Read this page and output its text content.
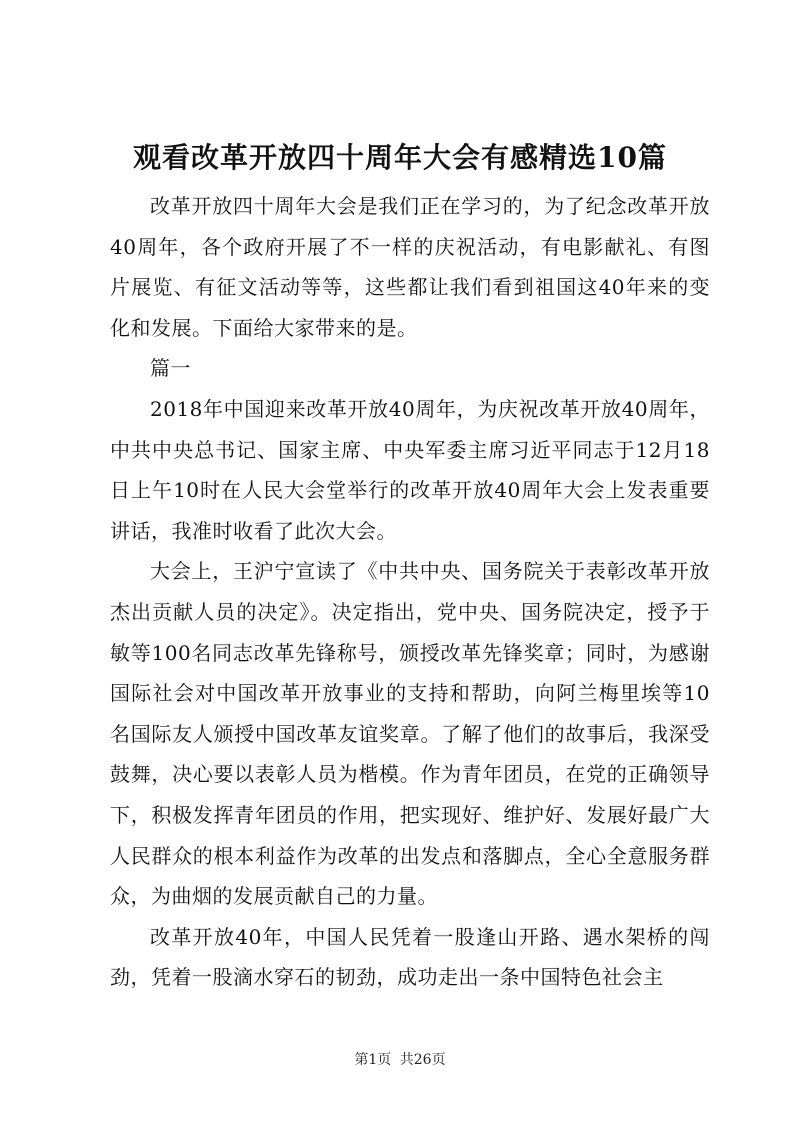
观看改革开放四十周年大会有感精选10篇

改革开放四十周年大会是我们正在学习的，为了纪念改革开放40周年，各个政府开展了不一样的庆祝活动，有电影献礼、有图片展览、有征文活动等等，这些都让我们看到祖国这40年来的变化和发展。下面给大家带来的是。

篇一

2018年中国迎来改革开放40周年，为庆祝改革开放40周年，中共中央总书记、国家主席、中央军委主席习近平同志于12月18日上午10时在人民大会堂举行的改革开放40周年大会上发表重要讲话，我准时收看了此次大会。

大会上，王沪宁宣读了《中共中央、国务院关于表彰改革开放杰出贡献人员的决定》。决定指出，党中央、国务院决定，授予于敏等100名同志改革先锋称号，颁授改革先锋奖章；同时，为感谢国际社会对中国改革开放事业的支持和帮助，向阿兰梅里埃等10名国际友人颁授中国改革友谊奖章。了解了他们的故事后，我深受鼓舞，决心要以表彰人员为楷模。作为青年团员，在党的正确领导下，积极发挥青年团员的作用，把实现好、维护好、发展好最广大人民群众的根本利益作为改革的出发点和落脚点，全心全意服务群众，为曲烟的发展贡献自己的力量。

改革开放40年，中国人民凭着一股逢山开路、遇水架桥的闯劲，凭着一股滴水穿石的韧劲，成功走出一条中国特色社会主

第1页 共26页
